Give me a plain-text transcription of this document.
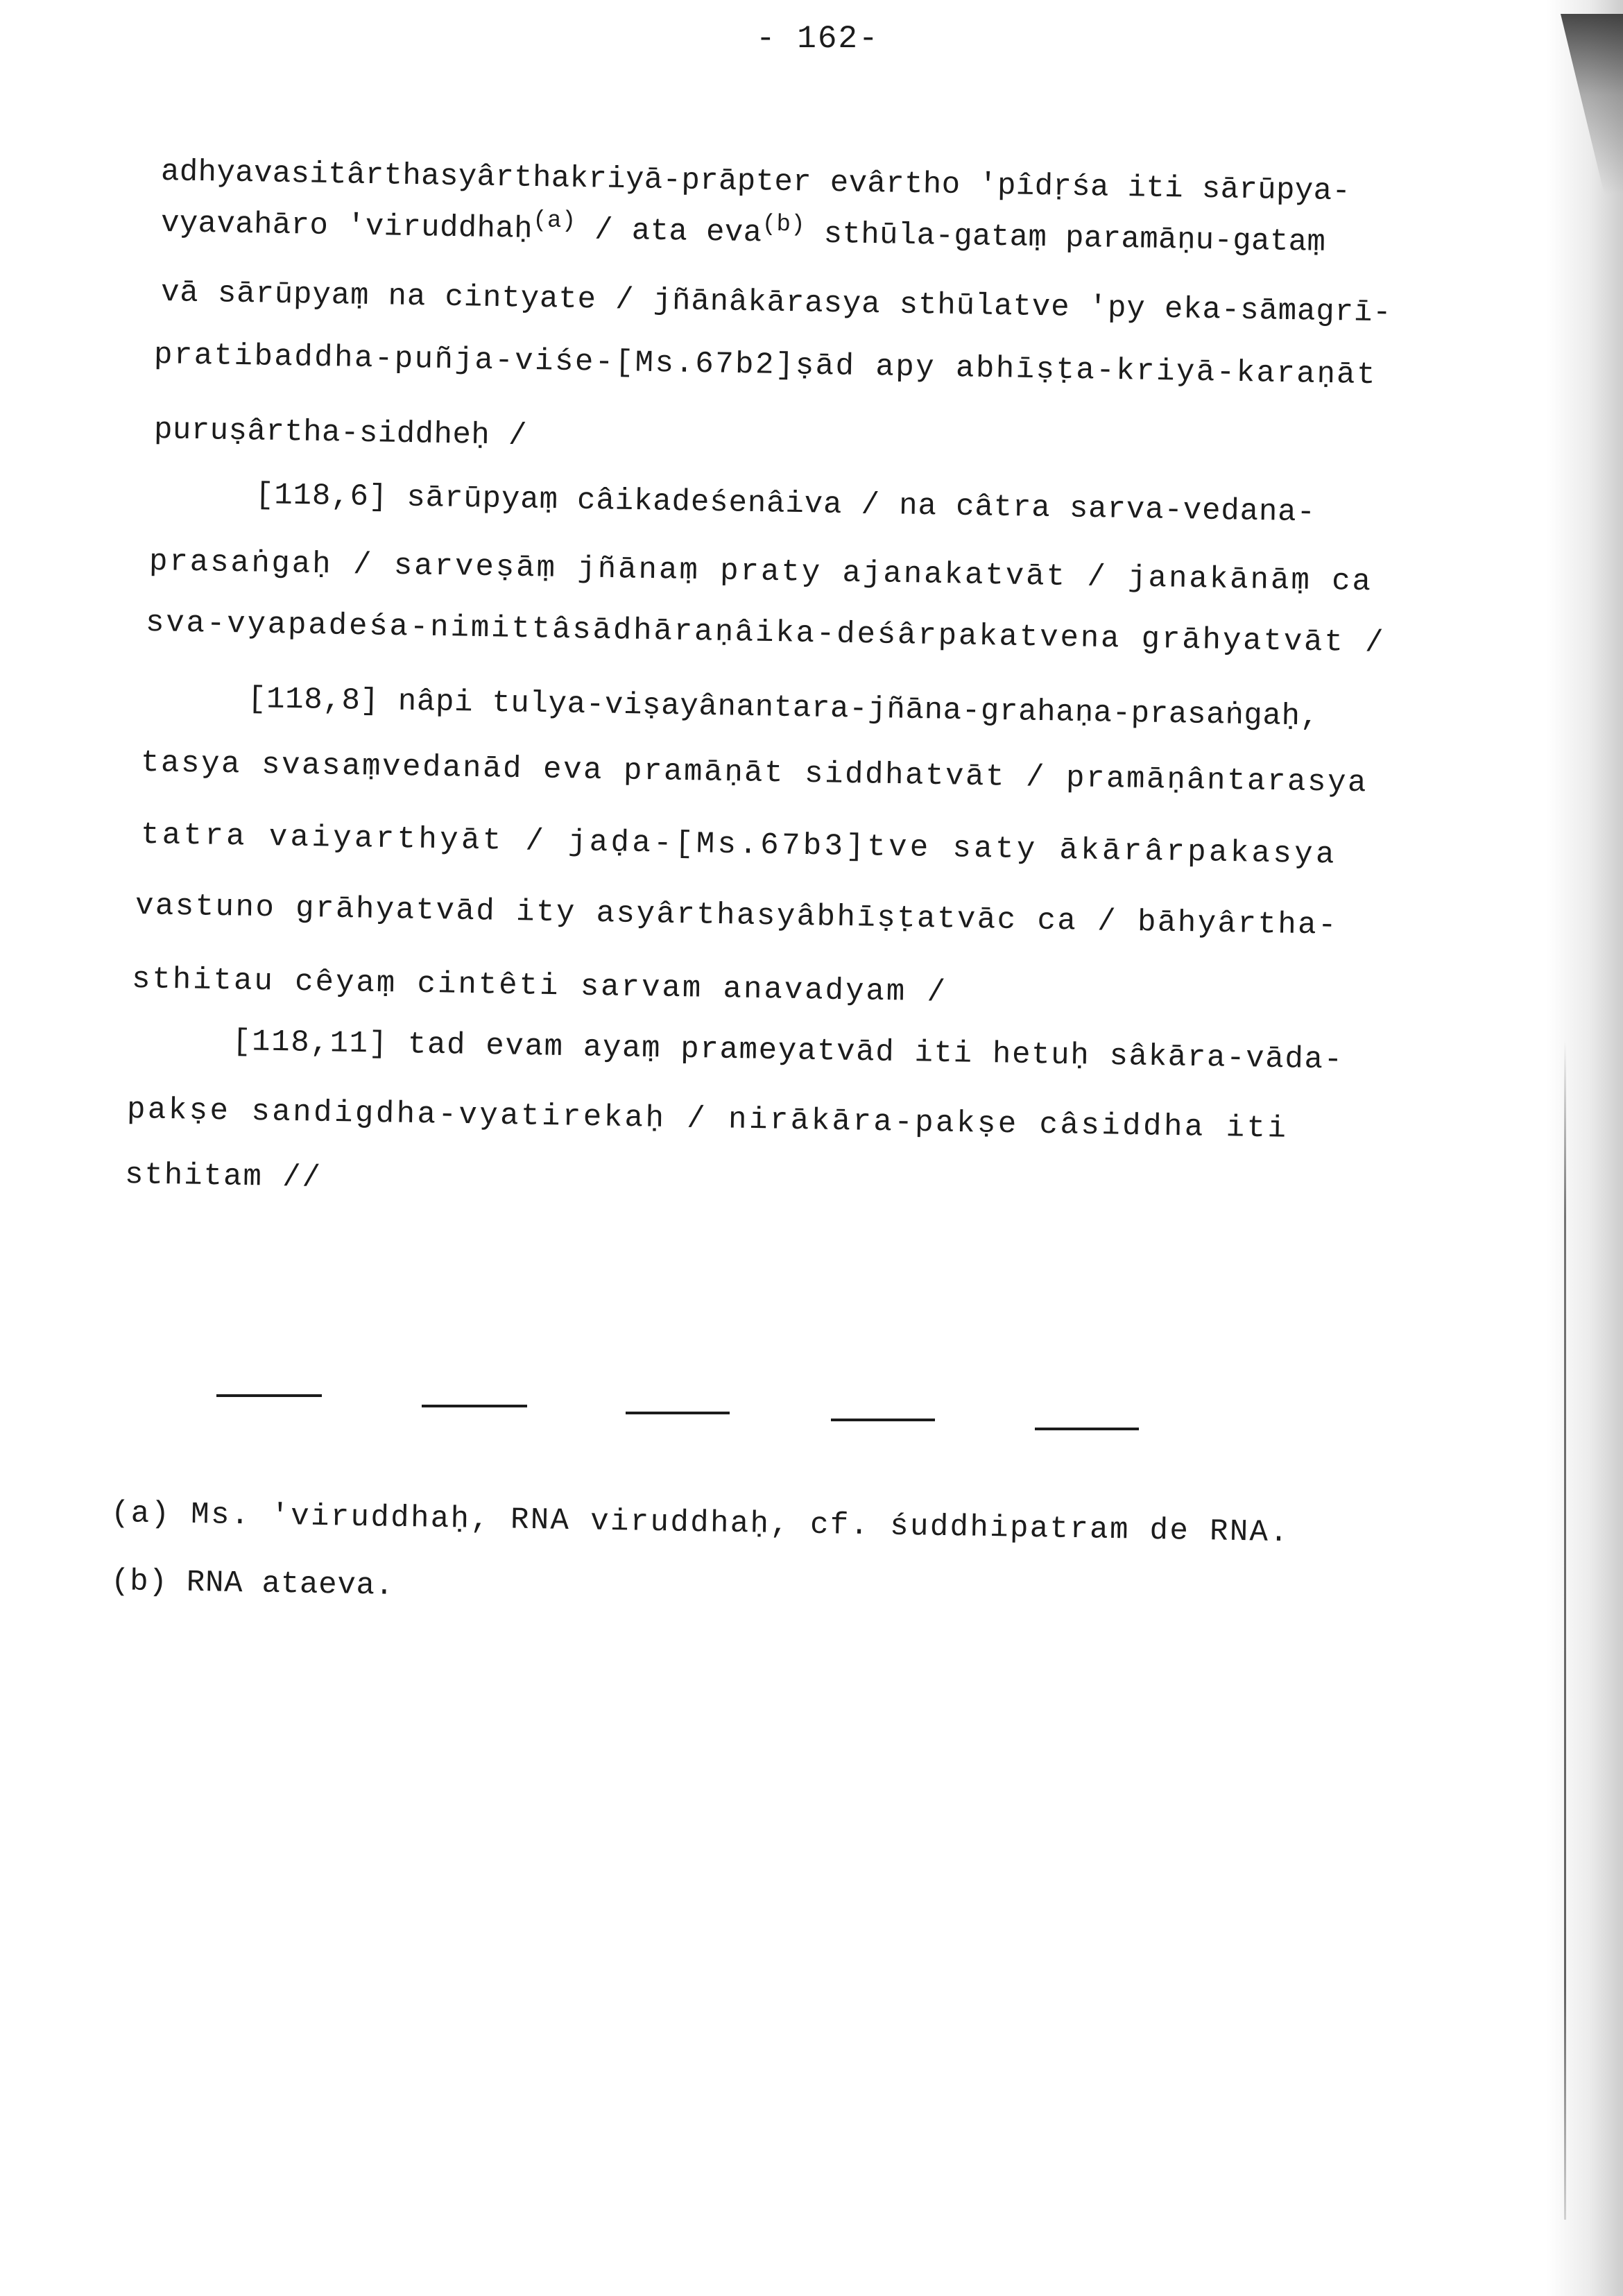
- 162-
adhyavasitârthasyârthakriyā-prāpter evârtho 'pîdṛśa iti sārūpya-
vyavahāro 'viruddhaḥ$^{(a)}$ / ata eva$^{(b)}$ sthūla-gataṃ paramāṇu-gataṃ
vā sārūpyaṃ na cintyate / jñānâkārasya sthūlatve 'py eka-sāmagrī-
pratibaddha-puñja-viśe-[Ms.67b2]ṣād apy abhīṣṭa-kriyā-karaṇāt
puruṣârtha-siddheḥ /
[118,6] sārūpyaṃ câikadeśenâiva / na câtra sarva-vedana-
prasaṅgaḥ / sarveṣāṃ jñānaṃ praty ajanakatvāt / janakānāṃ ca
sva-vyapadeśa-nimittâsādhāraṇâika-deśârpakatvena grāhyatvāt /
[118,8] nâpi tulya-viṣayânantara-jñāna-grahaṇa-prasaṅgaḥ,
tasya svasaṃvedanād eva pramāṇāt siddhatvāt / pramāṇântarasya
tatra vaiyarthyāt / jaḍa-[Ms.67b3]tve saty ākārârpakasya
vastuno grāhyatvād ity asyârthasyâbhīṣṭatvāc ca / bāhyârtha-
sthitau cêyaṃ cintêti sarvam anavadyam /
[118,11] tad evam ayaṃ prameyatvād iti hetuḥ sâkāra-vāda-
pakṣe sandigdha-vyatirekaḥ / nirākāra-pakṣe câsiddha iti
sthitam //
(a) Ms. 'viruddhaḥ, RNA viruddhaḥ, cf. śuddhipatram de RNA.
(b) RNA ataeva.
